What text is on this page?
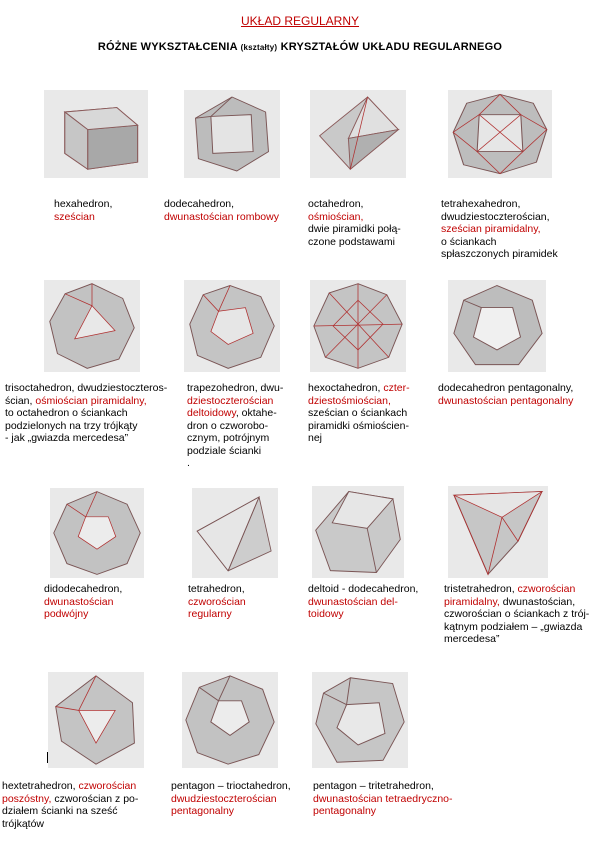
UKŁAD REGULARNY
RÓŻNE WYKSZTAŁCENIA (kształty) KRYSZTAŁÓW UKŁADU REGULARNEGO
hexahedron,
sześcian
dodecahedron,
dwunastościan rombowy
octahedron,
ośmiościan,
dwie piramidki połą-
czone podstawami
tetrahexahedron,
dwudziestoczterościan,
sześcian piramidalny,
o ściankach
spłaszczonych piramidek
trisoctahedron, dwudziestoczteros-
ścian, ośmiościan piramidalny,
to octahedron o ściankach
podzielonych na trzy trójkąty
- jak „gwiazda mercedesa”
trapezohedron, dwu-
dziestoczterościan
deltoidowy, oktahe-
dron o czworobo-
cznym, potrójnym
podziale ścianki
.
hexoctahedron, czter-
dziestośmiościan,
sześcian o ściankach
piramidki ośmiościen-
nej
dodecahedron pentagonalny,
dwunastościan pentagonalny
didodecahedron,
dwunastościan
podwójny
tetrahedron,
czworościan
regularny
deltoid - dodecahedron,
dwunastościan del-
toidowy
tristetrahedron, czworościan
piramidalny, dwunastościan,
czworościan o ściankach z trój-
kątnym podziałem – „gwiazda
mercedesa”
hextetrahedron, czworościan
poszóstny, czworościan z po-
działem ścianki na sześć
trójkątów
pentagon – trioctahedron,
dwudziestoczterościan
pentagonalny
pentagon – tritetrahedron,
dwunastościan tetraedryczno-
pentagonalny
